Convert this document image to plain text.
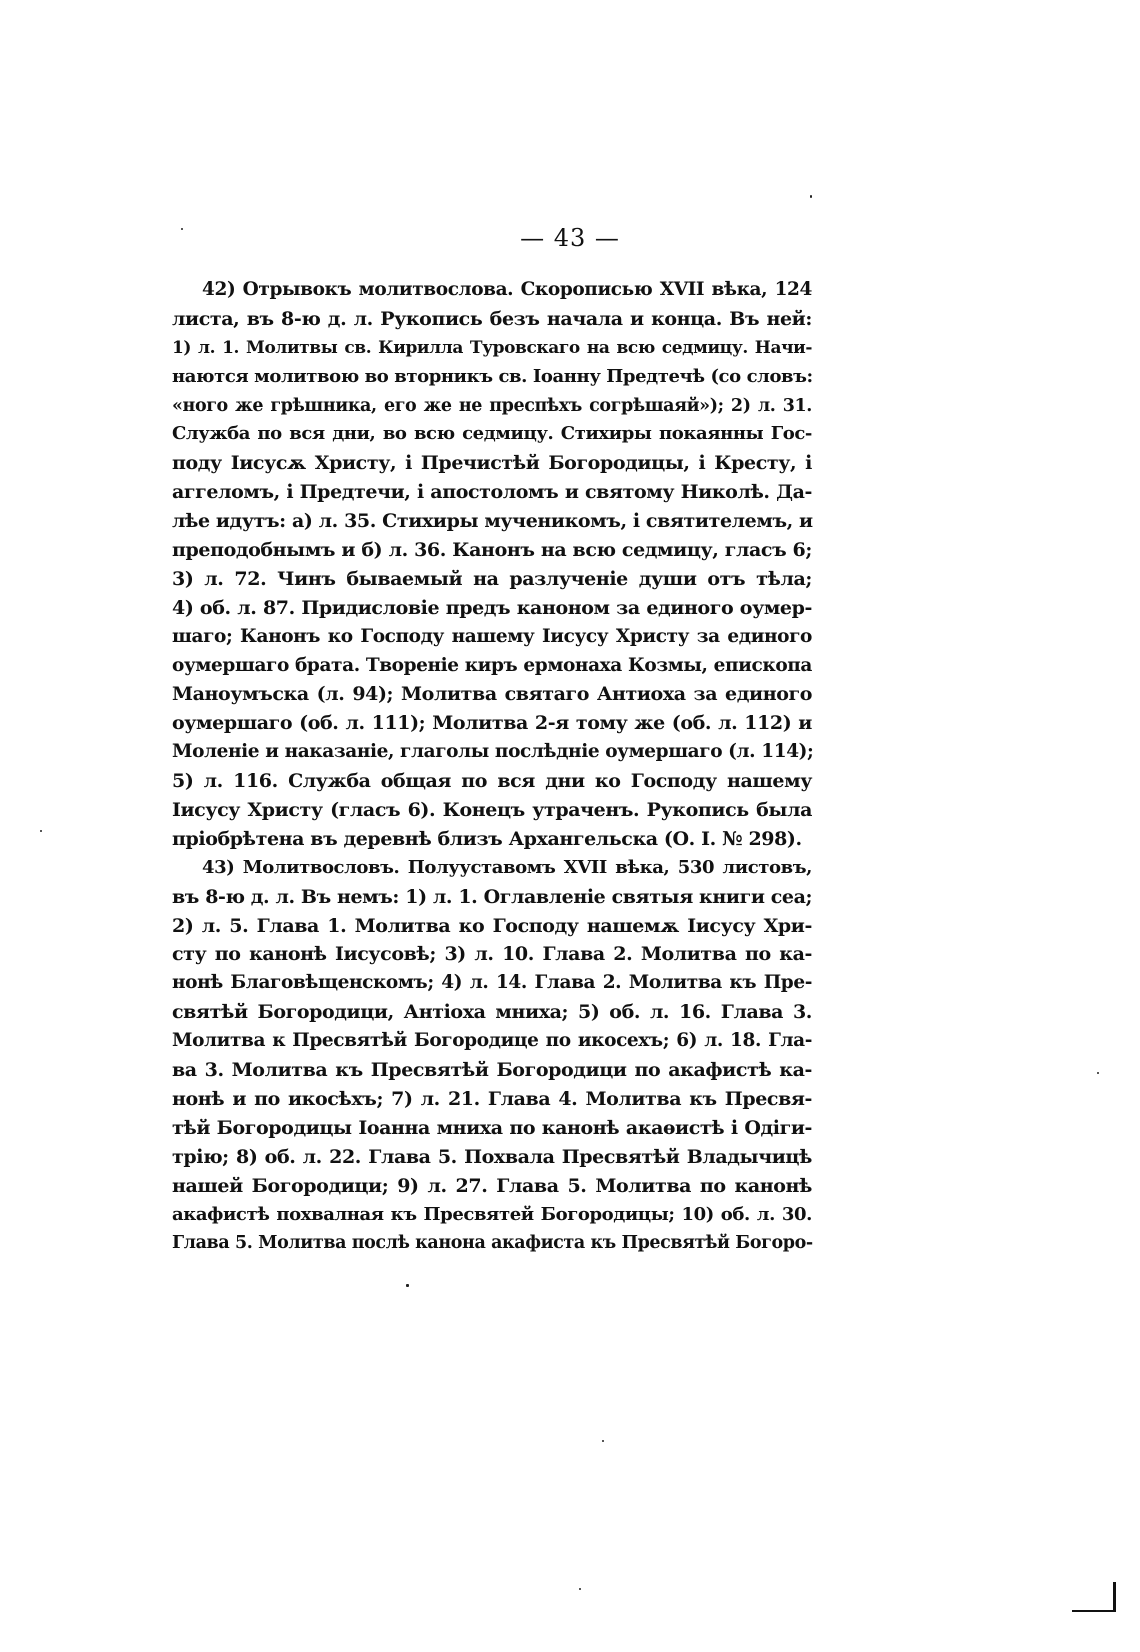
— 43 —
42) Отрывокъ молитвослова. Скорописью XVII вѣка, 124
листа, въ 8-ю д. л. Рукопись безъ начала и конца. Въ ней:
1) л. 1. Молитвы св. Кирилла Туровскаго на всю седмицу. Начи-
наются молитвою во вторникъ св. Іоанну Предтечѣ (со словъ:
«ного же грѣшника, его же не преспѣхъ согрѣшаяй»); 2) л. 31.
Служба по вся дни, во всю седмицу. Стихиры покаянны Гос-
поду Іисусѫ Христу, і Пречистѣй Богородицы, і Кресту, і
аггеломъ, і Предтечи, і апостоломъ и святому Николѣ. Да-
лѣе идутъ: а) л. 35. Стихиры мученикомъ, і святителемъ, и
преподобнымъ и б) л. 36. Канонъ на всю седмицу, гласъ 6;
3) л. 72. Чинъ бываемый на разлученіе души отъ тѣла;
4) об. л. 87. Придисловіе предъ каноном за единого оумер-
шаго; Канонъ ко Господу нашему Іисусу Христу за единого
оумершаго брата. Твореніе киръ ермонаха Козмы, епископа
Маноумъска (л. 94); Молитва святаго Антиоха за единого
оумершаго (об. л. 111); Молитва 2-я тому же (об. л. 112) и
Моленіе и наказаніе, глаголы послѣдніе оумершаго (л. 114);
5) л. 116. Служба общая по вся дни ко Господу нашему
Іисусу Христу (гласъ 6). Конецъ утраченъ. Рукопись была
пріобрѣтена въ деревнѣ близъ Архангельска (О. І. № 298).
43) Молитвословъ. Полууставомъ XVII вѣка, 530 листовъ,
въ 8-ю д. л. Въ немъ: 1) л. 1. Оглавленіе святыя книги сеа;
2) л. 5. Глава 1. Молитва ко Господу нашемѫ Іисусу Хри-
сту по канонѣ Іисусовѣ; 3) л. 10. Глава 2. Молитва по ка-
нонѣ Благовѣщенскомъ; 4) л. 14. Глава 2. Молитва къ Пре-
святѣй Богородици, Антіоха мниха; 5) об. л. 16. Глава 3.
Молитва к Пресвятѣй Богородице по икосехъ; 6) л. 18. Гла-
ва 3. Молитва къ Пресвятѣй Богородици по акафистѣ ка-
нонѣ и по икосѣхъ; 7) л. 21. Глава 4. Молитва къ Пресвя-
тѣй Богородицы Іоанна мниха по канонѣ акаѳистѣ і Одіги-
трію; 8) об. л. 22. Глава 5. Похвала Пресвятѣй Владычицѣ
нашей Богородици; 9) л. 27. Глава 5. Молитва по канонѣ
акафистѣ похвалная къ Пресвятей Богородицы; 10) об. л. 30.
Глава 5. Молитва послѣ канона акафиста къ Пресвятѣй Богоро-
